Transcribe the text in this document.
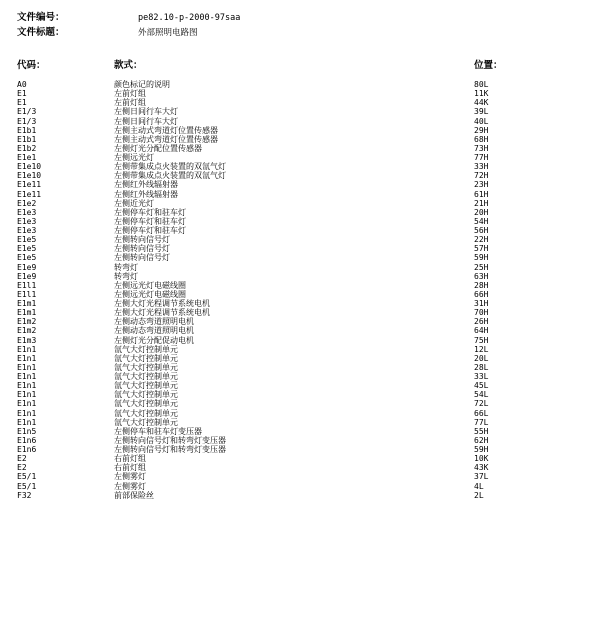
文件编号：	pe82.10-p-2000-97saa
文件标题：	外部照明电路图
代码：	款式：	位置：
A0	颜色标记的说明	80L
E1	左前灯组	11K
E1	左前灯组	44K
E1/3	左侧日间行车大灯	39L
E1/3	左侧日间行车大灯	40L
E1b1	左侧主动式弯道灯位置传感器	29H
E1b1	左侧主动式弯道灯位置传感器	68H
E1b2	左侧灯光分配位置传感器	73H
E1e1	左侧远光灯	77H
E1e10	左侧带集成点火装置的双氙气灯	33H
E1e10	左侧带集成点火装置的双氙气灯	72H
E1e11	左侧红外线辐射器	23H
E1e11	左侧红外线辐射器	61H
E1e2	左侧近光灯	21H
E1e3	左侧停车灯和驻车灯	20H
E1e3	左侧停车灯和驻车灯	54H
E1e3	左侧停车灯和驻车灯	56H
E1e5	左侧转向信号灯	22H
E1e5	左侧转向信号灯	57H
E1e5	左侧转向信号灯	59H
E1e9	转弯灯	25H
E1e9	转弯灯	63H
E1l1	左侧远光灯电磁线圈	28H
E1l1	左侧远光灯电磁线圈	66H
E1m1	左侧大灯光程调节系统电机	31H
E1m1	左侧大灯光程调节系统电机	70H
E1m2	左侧动态弯道照明电机	26H
E1m2	左侧动态弯道照明电机	64H
E1m3	左侧灯光分配促动电机	75H
E1n1	氙气大灯控制单元	12L
E1n1	氙气大灯控制单元	20L
E1n1	氙气大灯控制单元	28L
E1n1	氙气大灯控制单元	33L
E1n1	氙气大灯控制单元	45L
E1n1	氙气大灯控制单元	54L
E1n1	氙气大灯控制单元	72L
E1n1	氙气大灯控制单元	66L
E1n1	氙气大灯控制单元	77L
E1n5	左侧停车和驻车灯变压器	55H
E1n6	左侧转向信号灯和转弯灯变压器	62H
E1n6	左侧转向信号灯和转弯灯变压器	59H
E2	右前灯组	10K
E2	右前灯组	43K
E5/1	左侧雾灯	37L
E5/1	左侧雾灯	4L
F32	前部保险丝	2L
